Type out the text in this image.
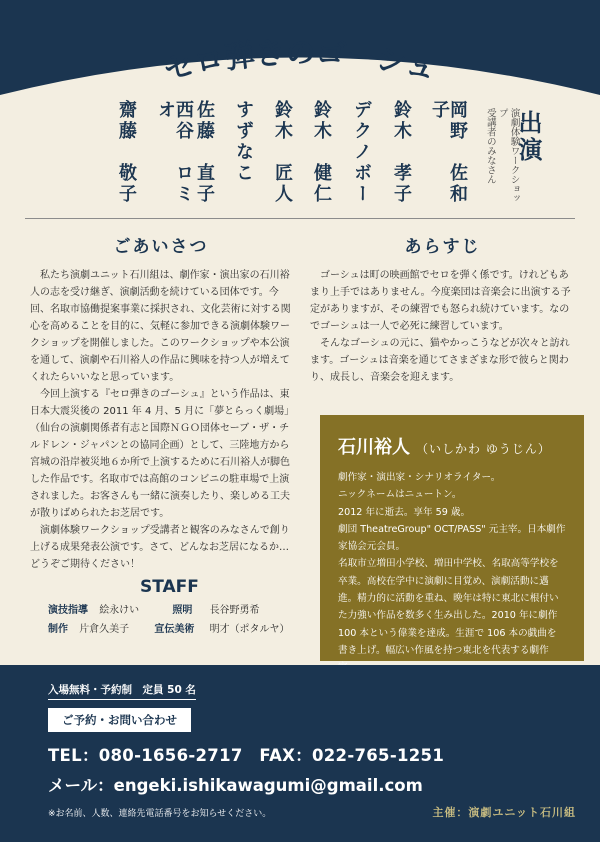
セロ弾きのゴーシュ
出演
演劇体験ワークショップ
受講者のみなさん
岡野　佐和子
鈴木　孝子
デクノボー
鈴木　健仁
鈴木　匠人
すずなこ
佐藤　直子
西谷　ロミオ
齋藤　敬子
ごあいさつ

私たち演劇ユニット石川組は、劇作家・演出家の石川裕人の志を受け継ぎ、演劇活動を続けている団体です。今回、名取市協働提案事業に採択され、文化芸術に対する関心を高めることを目的に、気軽に参加できる演劇体験ワークショップを開催しました。このワークショップや本公演を通して、演劇や石川裕人の作品に興味を持つ人が増えてくれたらいいなと思っています。

今回上演する『セロ弾きのゴーシュ』という作品は、東日本大震災後の 2011 年 4 月、5 月に「夢とらっく劇場」（仙台の演劇関係者有志と国際ＮＧＯ団体セーブ・ザ・チルドレン・ジャパンとの協同企画）として、三陸地方から宮城の沿岸被災地６か所で上演するために石川裕人が脚色した作品です。名取市では高館のコンビニの駐車場で上演されました。お客さんも一緒に演奏したり、楽しめる工夫が散りばめられたお芝居です。

演劇体験ワークショップ受講者と観客のみなさんで創り上げる成果発表公演です。さて、どんなお芝居になるか…どうぞご期待ください！

あらすじ

ゴーシュは町の映画館でセロを弾く係です。けれどもあまり上手ではありません。今度楽団は音楽会に出演する予定がありますが、その練習でも怒られ続けています。なのでゴーシュは一人で必死に練習しています。

そんなゴーシュの元に、猫やかっこうなどが次々と訪れます。ゴーシュは音楽を通じてさまざまな形で彼らと関わり、成長し、音楽会を迎えます。

STAFF
演技指導 絵永けい	照明 長谷野勇希
制作 片倉久美子	宣伝美術 明才（ポタルヤ）
石川裕人 （いしかわ ゆうじん）
劇作家・演出家・シナリオライター。
ニックネームはニュートン。
2012 年に逝去。享年 59 歳。
劇団 TheatreGroup" OCT/PASS" 元主宰。日本劇作家協会元会員。
名取市立増田小学校、増田中学校、名取高等学校を卒業。高校在学中に演劇に目覚め、演劇活動に邁進。精力的に活動を重ね、晩年は特に東北に根付いた力強い作品を数多く生み出した。2010 年に劇作 100 本という偉業を達成。生涯で 106 本の戯曲を書き上げ。幅広い作風を持つ東北を代表する劇作
入場無料・予約制　定員 50 名
ご予約・お問い合わせ
TEL：080-1656-2717　FAX：022-765-1251
メール：engeki.ishikawagumi@gmail.com
※お名前、人数、連絡先電話番号をお知らせください。	主催：演劇ユニット石川組
